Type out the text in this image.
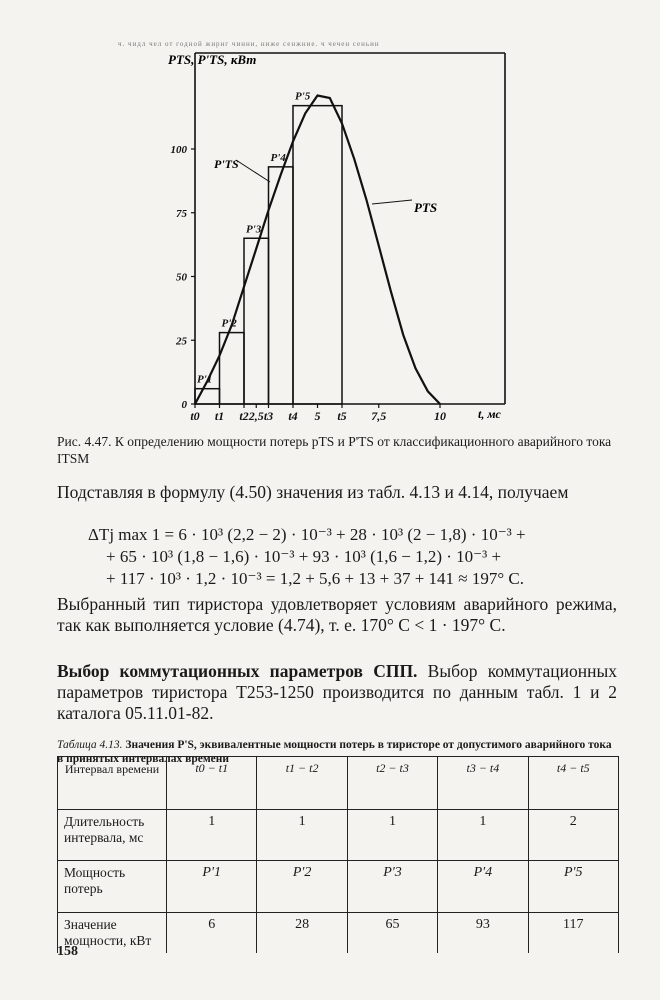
ч. чидл чел от годной жирнг чинни, ниже сенжние. ч чечен сеньин
P'1
P'2
P'3
P'4
P'5
0
25
50
75
100
t0 t1 t2 2,5 t3 t4 5 t5 7,5	10
PTS, P'TS, кВт
t, мс
PTS
P'TS
Рис. 4.47. К определению мощности потерь pTS и P'TS от классификационного аварийного тока ITSM
Подставляя в формулу (4.50) значения из табл. 4.13 и 4.14, получаем
ΔTj max 1 = 6 · 10³ (2,2 − 2) · 10⁻³ + 28 · 10³ (2 − 1,8) · 10⁻³ +
+ 65 · 10³ (1,8 − 1,6) · 10⁻³ + 93 · 10³ (1,6 − 1,2) · 10⁻³ +
+ 117 · 10³ · 1,2 · 10⁻³ = 1,2 + 5,6 + 13 + 37 + 141 ≈ 197° C.
Выбранный тип тиристора удовлетворяет условиям аварийного режима, так как выполняется условие (4.74), т. е. 170° C < 1 · 197° C.
Выбор коммутационных параметров СПП. Выбор коммутационных параметров тиристора Т253-1250 производится по данным табл. 1 и 2 каталога 05.11.01-82.
Таблица 4.13. Значения P'S, эквивалентные мощности потерь в тиристоре от допустимого аварийного тока в принятых интервалах времени
Интервал времени	t0 − t1	t1 − t2	t2 − t3	t3 − t4	t4 − t5
Длительность интервала, мс	1	1	1	1	2
Мощность потерь	P'1	P'2	P'3	P'4	P'5
Значение мощности, кВт	6	28	65	93	117
158
